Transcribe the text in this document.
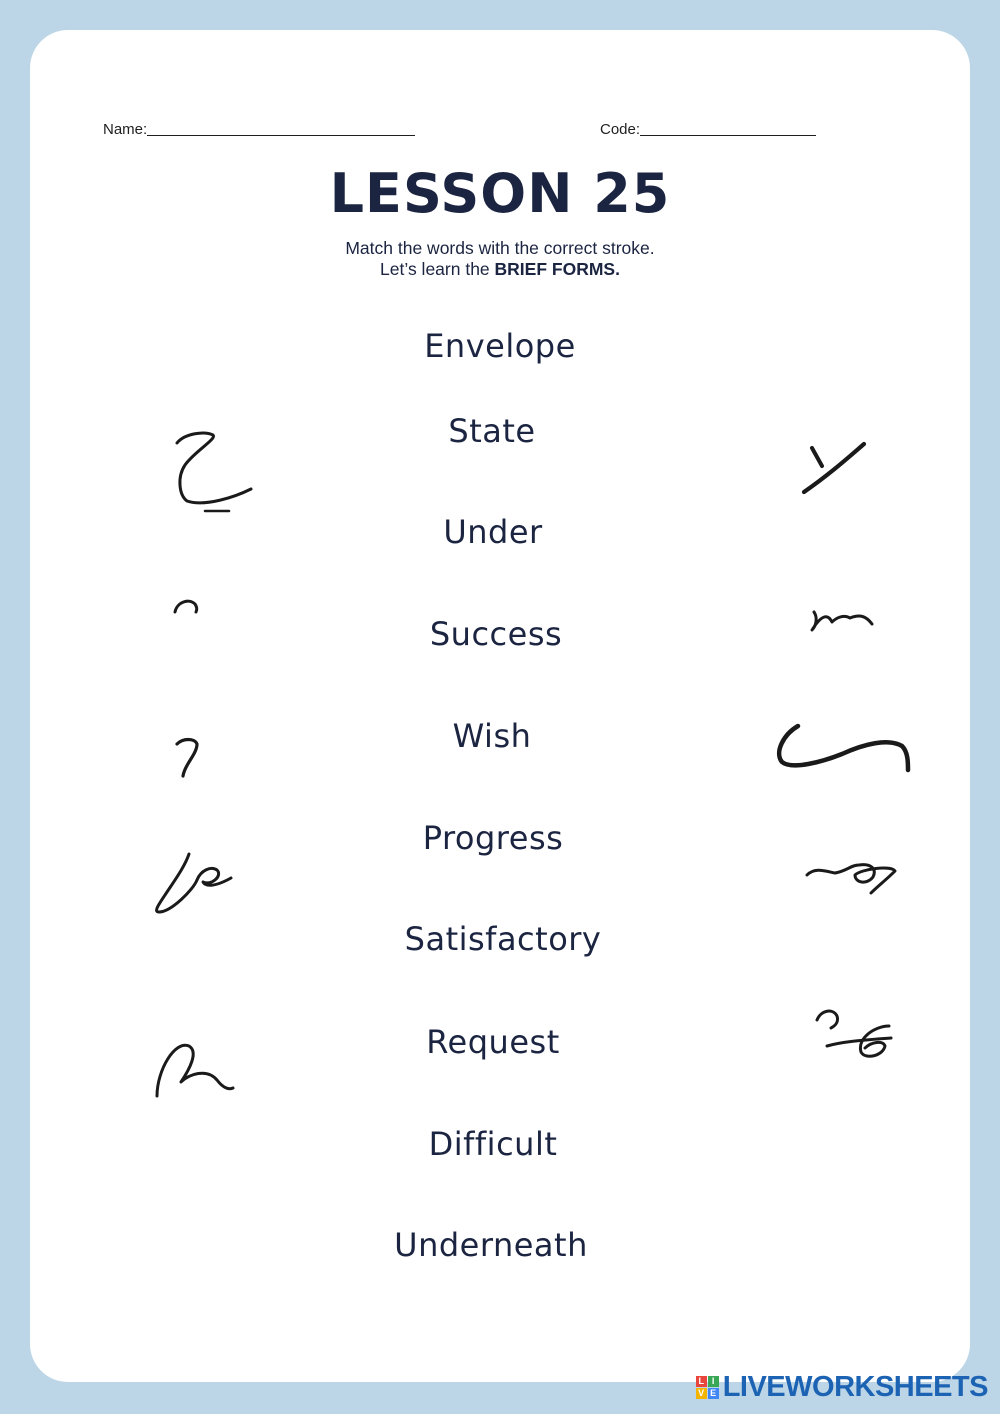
Name:	Code:
LESSON 25
Match the words with the correct stroke.
Let’s learn the BRIEF FORMS.
Envelope
State
Under
Success
Wish
Progress
Satisfactory
Request
Difficult
Underneath
L I
V E LIVEWORKSHEETS
